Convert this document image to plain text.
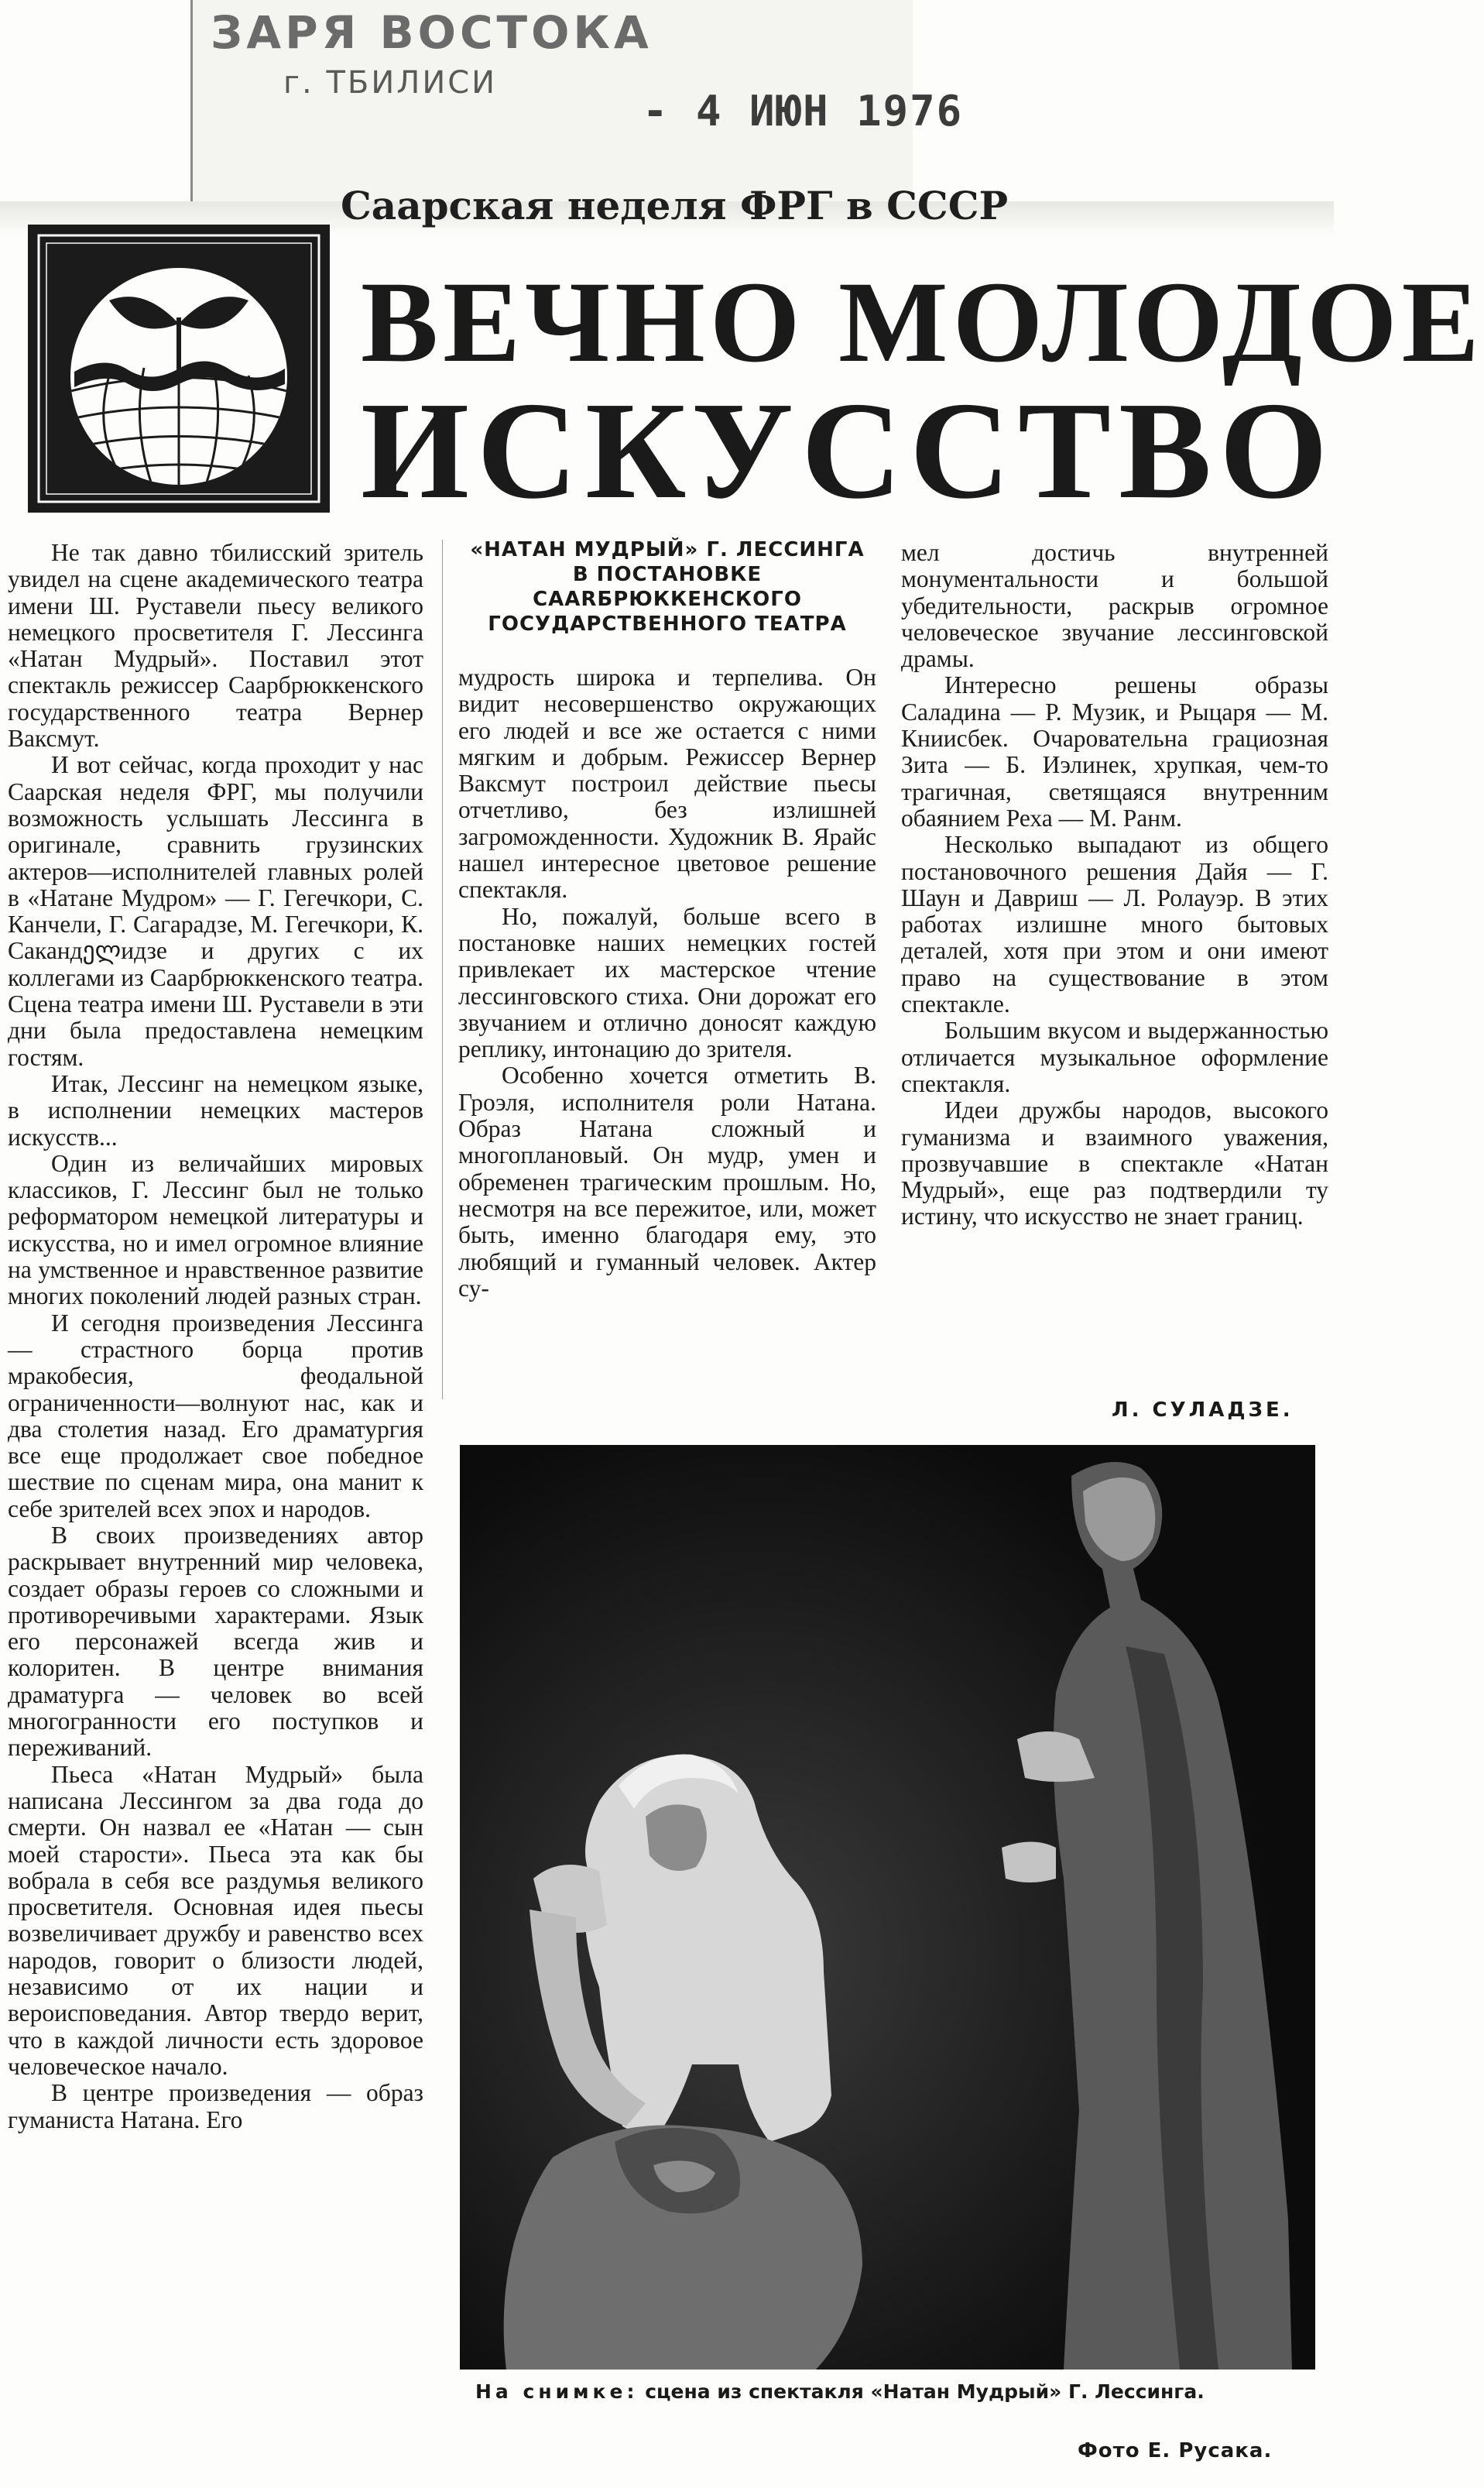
ЗАРЯ ВОСТОКА
г. ТБИЛИСИ
- 4 ИЮН 1976
Саарская неделя ФРГ в СССР
ВЕЧНО МОЛОДОЕ
ИСКУССТВО

Не так давно тбилисский зритель увидел на сцене академического театра имени Ш. Руставели пьесу великого немецкого просветителя Г. Лессинга «Натан Мудрый». Поставил этот спектакль режиссер Саарбрюккенского государственного театра Вернер Ваксмут.

И вот сейчас, когда проходит у нас Саарская неделя ФРГ, мы получили возможность услышать Лессинга в оригинале, сравнить грузинских актеров—исполнителей главных ролей в «Натане Мудром» — Г. Гегечкори, С. Канчели, Г. Сагарадзе, М. Гегечкори, К. Сакандელидзе и других с их коллегами из Саарбрюккенского театра. Сцена театра имени Ш. Руставели в эти дни была предоставлена немецким гостям.

Итак, Лессинг на немецком языке, в исполнении немецких мастеров искусств...

Один из величайших мировых классиков, Г. Лессинг был не только реформатором немецкой литературы и искусства, но и имел огромное влияние на умственное и нравственное развитие многих поколений людей разных стран.

И сегодня произведения Лессинга — страстного борца против мракобесия, феодальной ограниченности—волнуют нас, как и два столетия назад. Его драматургия все еще продолжает свое победное шествие по сценам мира, она манит к себе зрителей всех эпох и народов.

В своих произведениях автор раскрывает внутренний мир человека, создает образы героев со сложными и противоречивыми характерами. Язык его персонажей всегда жив и колоритен. В центре внимания драматурга — человек во всей многогранности его поступков и переживаний.

Пьеса «Натан Мудрый» была написана Лессингом за два года до смерти. Он назвал ее «Натан — сын моей старости». Пьеса эта как бы вобрала в себя все раздумья великого просветителя. Основная идея пьесы возвеличивает дружбу и равенство всех народов, говорит о близости людей, независимо от их нации и вероисповедания. Автор твердо верит, что в каждой личности есть здоровое человеческое начало.

В центре произведения — образ гуманиста Натана. Его

«НАТАН МУДРЫЙ» Г. ЛЕССИНГА В ПОСТАНОВКЕ САARБРЮККЕНСКОГО ГОСУДАРСТВЕННОГО ТЕАТРА

мудрость широка и терпелива. Он видит несовершенство окружающих его людей и все же остается с ними мягким и добрым. Режиссер Вернер Ваксмут построил действие пьесы отчетливо, без излишней загроможденности. Художник В. Ярайс нашел интересное цветовое решение спектакля.

Но, пожалуй, больше всего в постановке наших немецких гостей привлекает их мастерское чтение лессинговского стиха. Они дорожат его звучанием и отлично доносят каждую реплику, интонацию до зрителя.

Особенно хочется отметить В. Гроэля, исполнителя роли Натана. Образ Натана сложный и многоплановый. Он мудр, умен и обременен трагическим прошлым. Но, несмотря на все пережитое, или, может быть, именно благодаря ему, это любящий и гуманный человек. Актер су-

мел достичь внутренней монументальности и большой убедительности, раскрыв огромное человеческое звучание лессинговской драмы.

Интересно решены образы Саладина — Р. Музик, и Рыцаря — М. Книисбек. Очаровательна грациозная Зита — Б. Иэлинек, хрупкая, чем-то трагичная, светящаяся внутренним обаянием Реха — М. Ранм.

Несколько выпадают из общего постановочного решения Дайя — Г. Шаун и Давриш — Л. Ролауэр. В этих работах излишне много бытовых деталей, хотя при этом и они имеют право на существование в этом спектакле.

Большим вкусом и выдержанностью отличается музыкальное оформление спектакля.

Идеи дружбы народов, высокого гуманизма и взаимного уважения, прозвучавшие в спектакле «Натан Мудрый», еще раз подтвердили ту истину, что искусство не знает границ.

Л. СУЛАДЗЕ.
На снимке: сцена из спектакля «Натан Мудрый» Г. Лессинга.
Фото Е. Русака.
